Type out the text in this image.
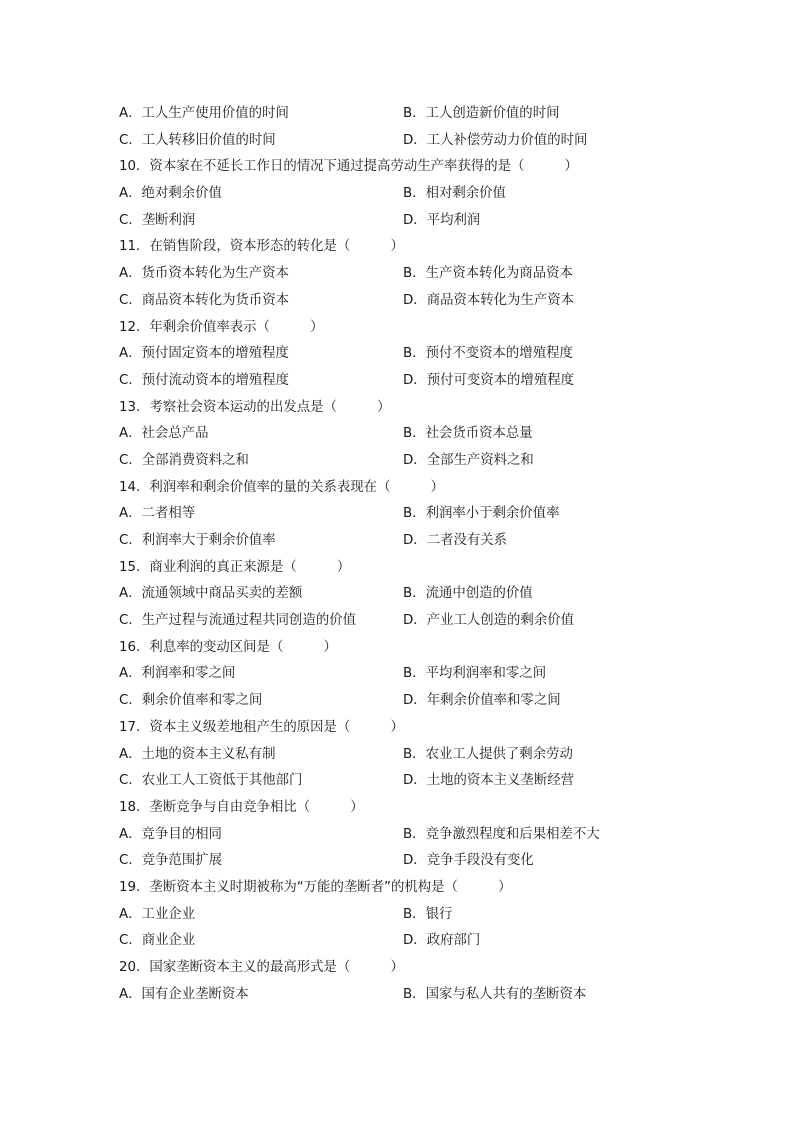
A．工人生产使用价值的时间	B．工人创造新价值的时间
C．工人转移旧价值的时间	D．工人补偿劳动力价值的时间
10．资本家在不延长工作日的情况下通过提高劳动生产率获得的是（　　　）
A．绝对剩余价值	B．相对剩余价值
C．垄断利润	D．平均利润
11．在销售阶段，资本形态的转化是（　　　）
A．货币资本转化为生产资本	B．生产资本转化为商品资本
C．商品资本转化为货币资本	D．商品资本转化为生产资本
12．年剩余价值率表示（　　　）
A．预付固定资本的增殖程度	B．预付不变资本的增殖程度
C．预付流动资本的增殖程度	D．预付可变资本的增殖程度
13．考察社会资本运动的出发点是（　　　）
A．社会总产品	B．社会货币资本总量
C．全部消费资料之和	D．全部生产资料之和
14．利润率和剩余价值率的量的关系表现在（　　　）
A．二者相等	B．利润率小于剩余价值率
C．利润率大于剩余价值率	D．二者没有关系
15．商业利润的真正来源是（　　　）
A．流通领域中商品买卖的差额	B．流通中创造的价值
C．生产过程与流通过程共同创造的价值	D．产业工人创造的剩余价值
16．利息率的变动区间是（　　　）
A．利润率和零之间	B．平均利润率和零之间
C．剩余价值率和零之间	D．年剩余价值率和零之间
17．资本主义级差地租产生的原因是（　　　）
A．土地的资本主义私有制	B．农业工人提供了剩余劳动
C．农业工人工资低于其他部门	D．土地的资本主义垄断经营
18．垄断竞争与自由竞争相比（　　　）
A．竞争目的相同	B．竞争激烈程度和后果相差不大
C．竞争范围扩展	D．竞争手段没有变化
19．垄断资本主义时期被称为“万能的垄断者”的机构是（　　　）
A．工业企业	B．银行
C．商业企业	D．政府部门
20．国家垄断资本主义的最高形式是（　　　）
A．国有企业垄断资本	B．国家与私人共有的垄断资本
